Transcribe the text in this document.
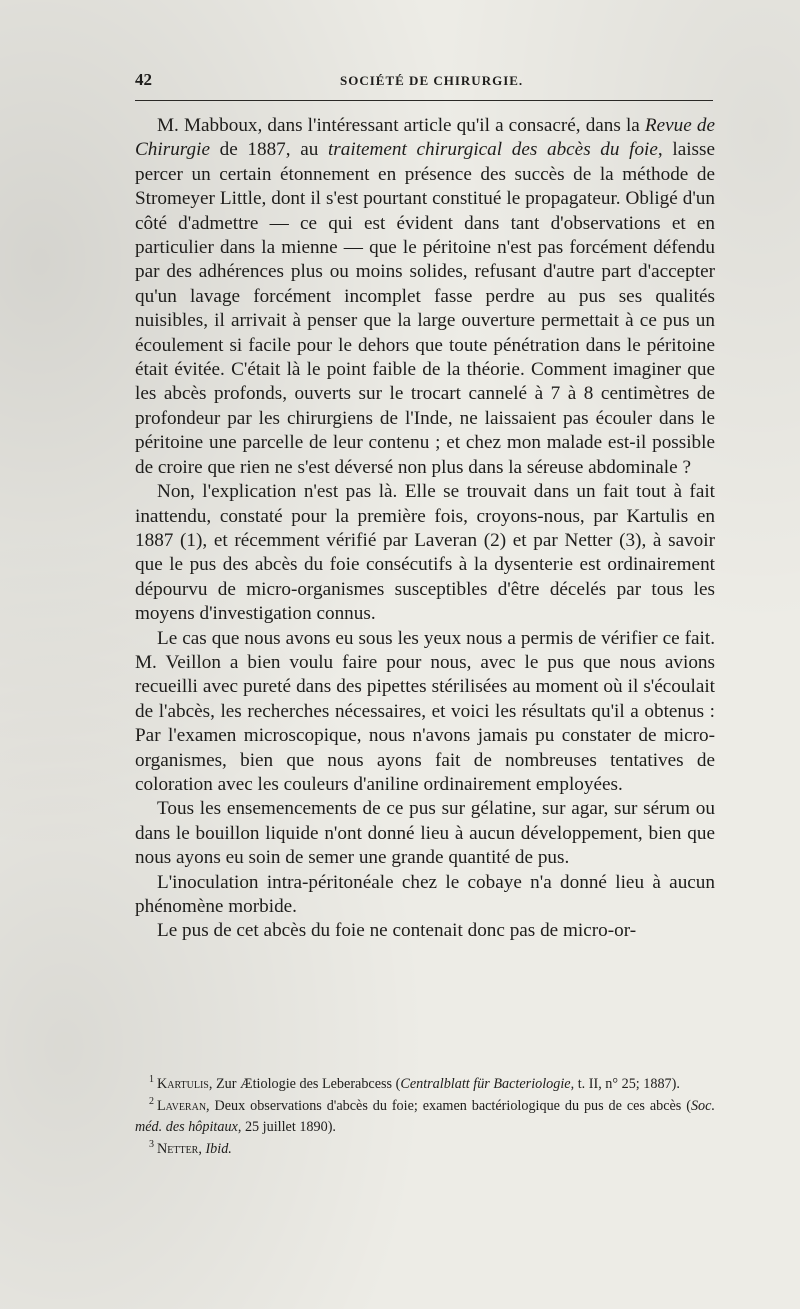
42	SOCIÉTÉ DE CHIRURGIE.

M. Mabboux, dans l'intéressant article qu'il a consacré, dans la Revue de Chirurgie de 1887, au traitement chirurgical des abcès du foie, laisse percer un certain étonnement en présence des succès de la méthode de Stromeyer Little, dont il s'est pourtant constitué le propagateur. Obligé d'un côté d'admettre — ce qui est évident dans tant d'observations et en particulier dans la mienne — que le péritoine n'est pas forcément défendu par des adhérences plus ou moins solides, refusant d'autre part d'accepter qu'un lavage forcément incomplet fasse perdre au pus ses qualités nuisibles, il arrivait à penser que la large ouverture permettait à ce pus un écoulement si facile pour le dehors que toute pénétration dans le péritoine était évitée. C'était là le point faible de la théorie. Comment imaginer que les abcès profonds, ouverts sur le trocart cannelé à 7 à 8 centimètres de profondeur par les chirurgiens de l'Inde, ne laissaient pas écouler dans le péritoine une parcelle de leur contenu ; et chez mon malade est-il possible de croire que rien ne s'est déversé non plus dans la séreuse abdominale ?

Non, l'explication n'est pas là. Elle se trouvait dans un fait tout à fait inattendu, constaté pour la première fois, croyons-nous, par Kartulis en 1887 (1), et récemment vérifié par Laveran (2) et par Netter (3), à savoir que le pus des abcès du foie consécutifs à la dysenterie est ordinairement dépourvu de micro-organismes susceptibles d'être décelés par tous les moyens d'investigation connus.

Le cas que nous avons eu sous les yeux nous a permis de vérifier ce fait. M. Veillon a bien voulu faire pour nous, avec le pus que nous avions recueilli avec pureté dans des pipettes stérilisées au moment où il s'écoulait de l'abcès, les recherches nécessaires, et voici les résultats qu'il a obtenus : Par l'examen microscopique, nous n'avons jamais pu constater de micro-organismes, bien que nous ayons fait de nombreuses tentatives de coloration avec les couleurs d'aniline ordinairement employées.

Tous les ensemencements de ce pus sur gélatine, sur agar, sur sérum ou dans le bouillon liquide n'ont donné lieu à aucun développement, bien que nous ayons eu soin de semer une grande quantité de pus.

L'inoculation intra-péritonéale chez le cobaye n'a donné lieu à aucun phénomène morbide.

Le pus de cet abcès du foie ne contenait donc pas de micro-or-

$^1$ Kartulis, Zur Ætiologie des Leberabcess (Centralblatt für Bacteriologie, t. II, n° 25; 1887).

$^2$ Laveran, Deux observations d'abcès du foie; examen bactériologique du pus de ces abcès (Soc. méd. des hôpitaux, 25 juillet 1890).

$^3$ Netter, Ibid.
